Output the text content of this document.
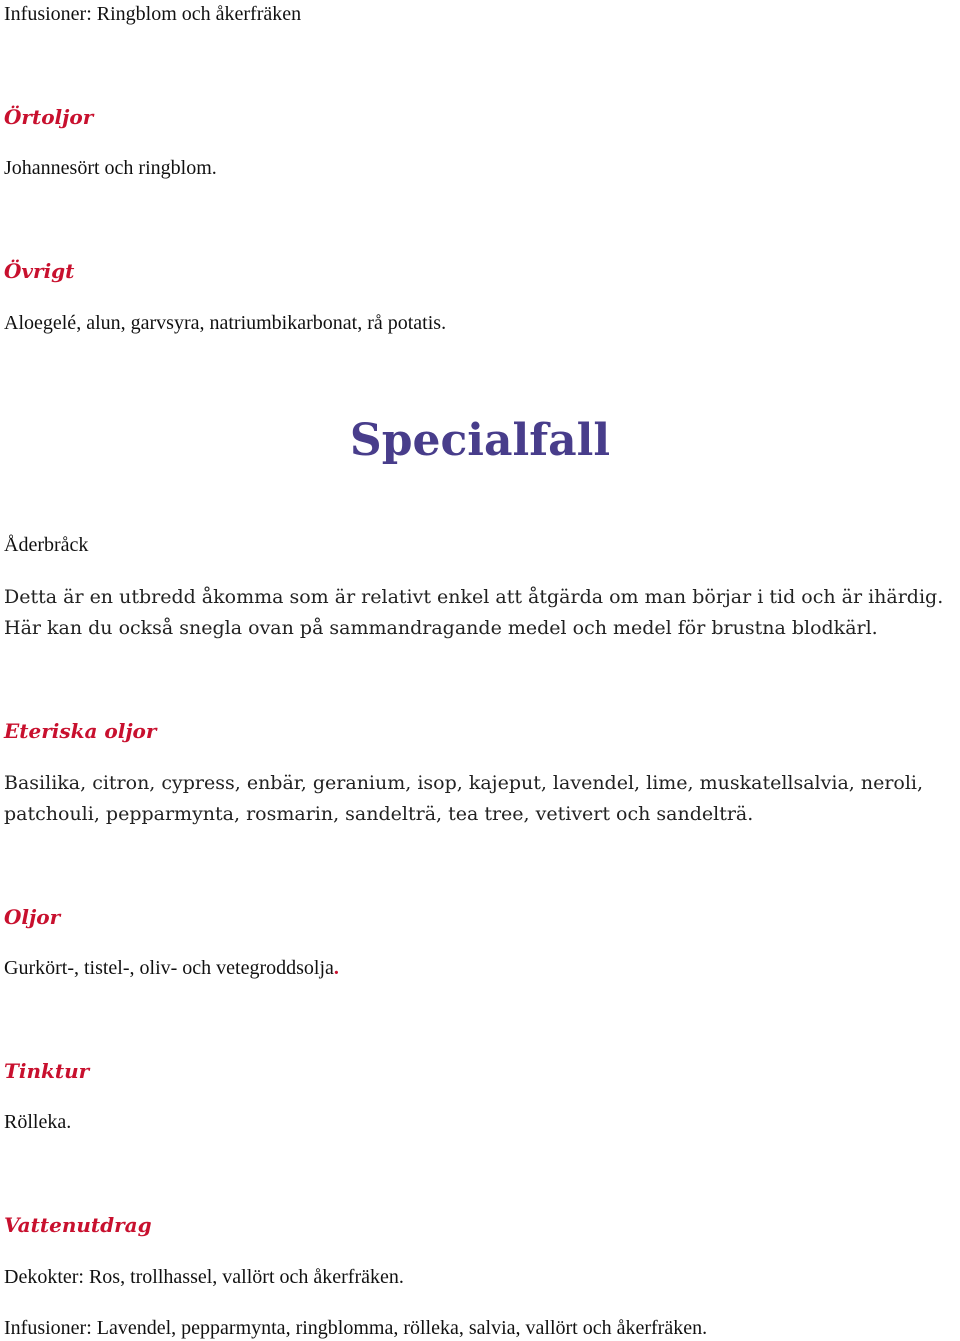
Infusioner: Ringblom och åkerfräken

Örtoljor

Johannesört och ringblom.

Övrigt

Aloegelé, alun, garvsyra, natriumbikarbonat, rå potatis.

Specialfall

Åderbråck

Detta är en utbredd åkomma som är relativt enkel att åtgärda om man börjar i tid och är ihärdig.

Här kan du också snegla ovan på sammandragande medel och medel för brustna blodkärl.

Eteriska oljor

Basilika, citron, cypress, enbär, geranium, isop, kajeput, lavendel, lime, muskatellsalvia, neroli,

patchouli, pepparmynta, rosmarin, sandelträ, tea tree, vetivert och sandelträ.

Oljor

Gurkört-, tistel-, oliv- och vetegroddsolja.

Tinktur

Rölleka.

Vattenutdrag

Dekokter: Ros, trollhassel, vallört och åkerfräken.

Infusioner: Lavendel, pepparmynta, ringblomma, rölleka, salvia, vallört och åkerfräken.
